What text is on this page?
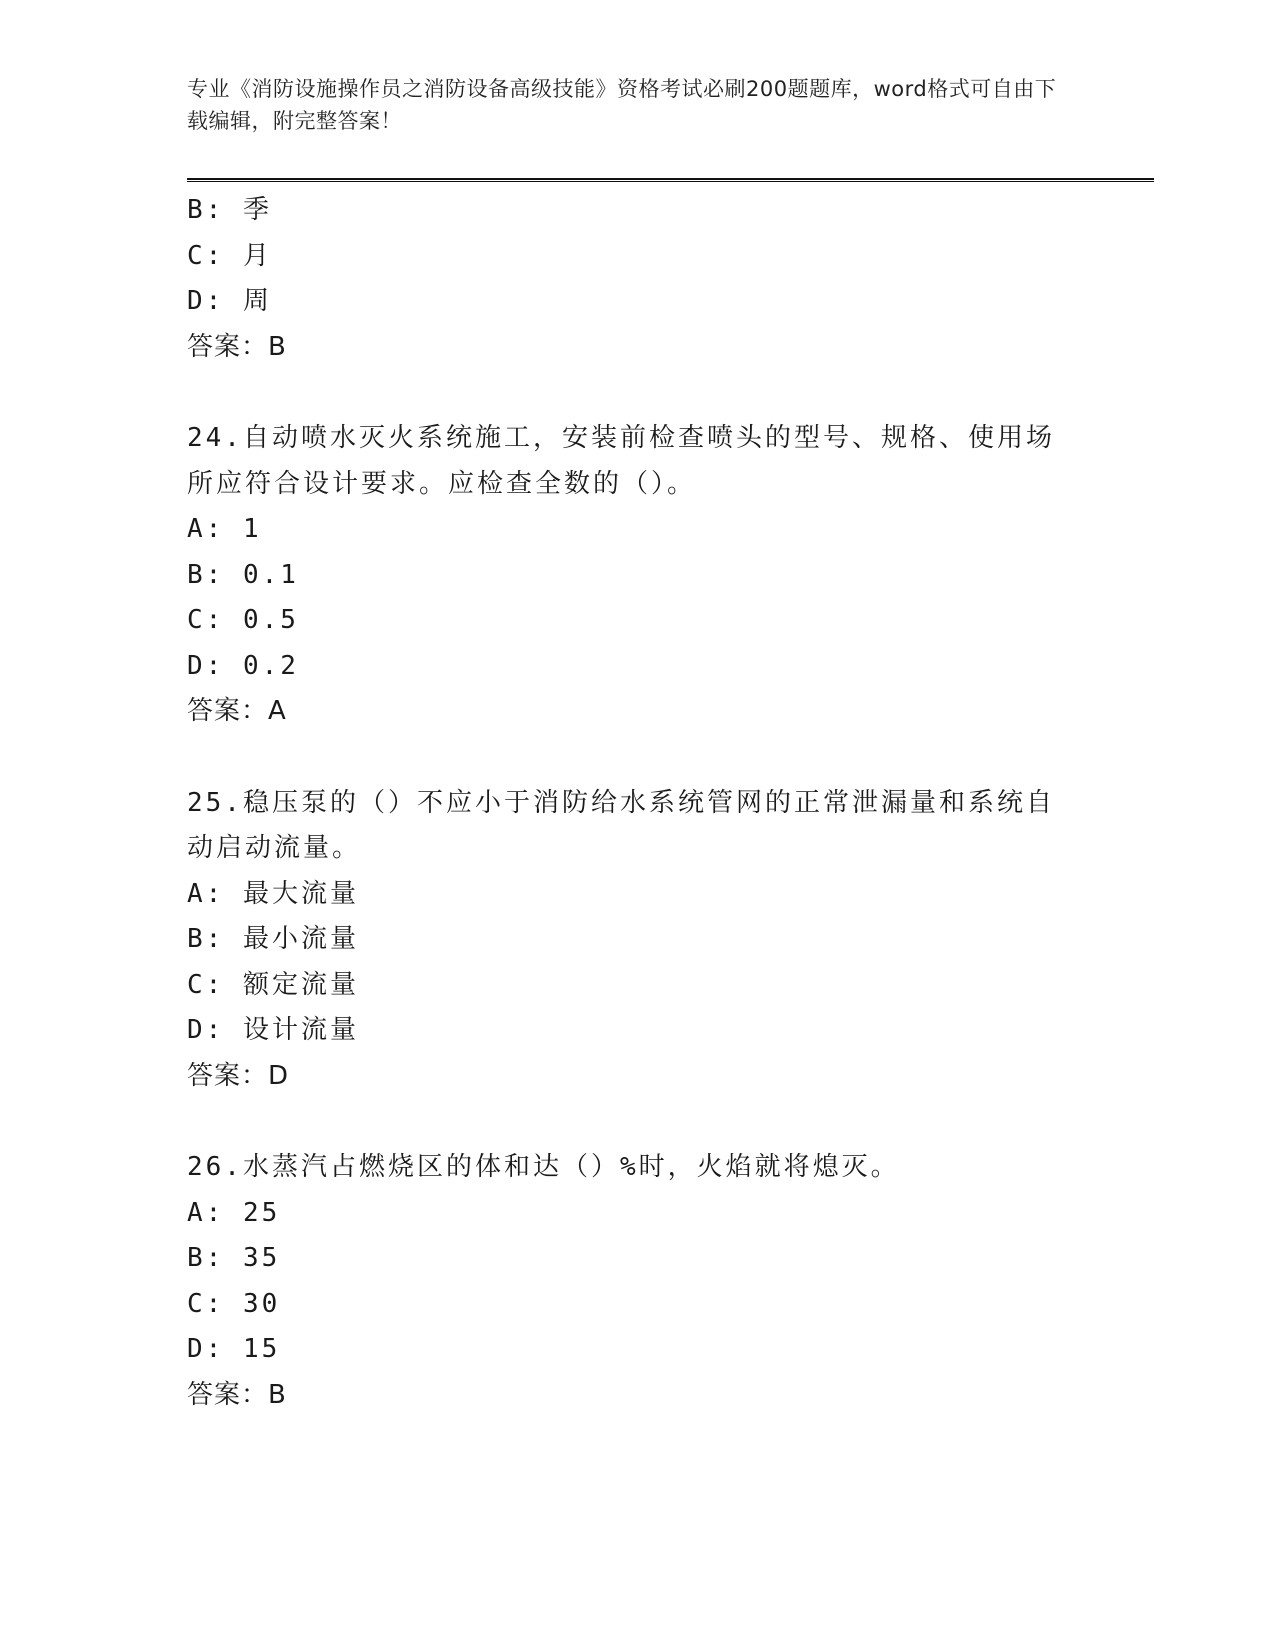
专业《消防设施操作员之消防设备高级技能》资格考试必刷200题题库，word格式可自由下载编辑，附完整答案！
B: 季
C: 月
D: 周
答案：B
24.自动喷水灭火系统施工，安装前检查喷头的型号、规格、使用场所应符合设计要求。应检查全数的（）。
A: 1
B: 0.1
C: 0.5
D: 0.2
答案：A
25.稳压泵的（）不应小于消防给水系统管网的正常泄漏量和系统自动启动流量。
A: 最大流量
B: 最小流量
C: 额定流量
D: 设计流量
答案：D
26.水蒸汽占燃烧区的体和达（）%时，火焰就将熄灭。
A: 25
B: 35
C: 30
D: 15
答案：B
